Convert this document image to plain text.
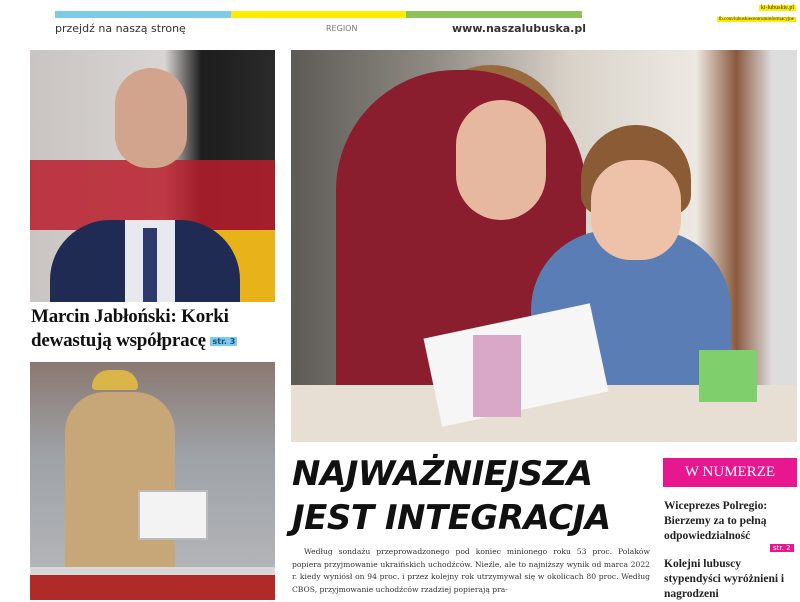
przejdź na naszą stronę	REGION	www.naszalubuska.pl
ki-lubuskie.pl
fb.com/lubuskiecentruminformacyjne
Marcin Jabłoński: Korki dewastują współpracę str. 3
NAJWAŻNIEJSZA
JEST INTEGRACJA
Według sondażu przeprowadzonego pod koniec minionego roku 53 proc. Polaków popiera przyjmowanie ukraińskich uchodźców. Nieźle, ale to najniższy wynik od marca 2022 r. kiedy wyniósł on 94 proc. i przez kolejny rok utrzymywał się w okolicach 80 proc. Według CBOS, przyjmowanie uchodźców rzadziej popierają pra-
W NUMERZE
Wiceprezes Polregio: Bierzemy za to pełną odpowiedzialność
str. 2
Kolejni lubuscy stypendyści wyróżnieni i nagrodzeni
